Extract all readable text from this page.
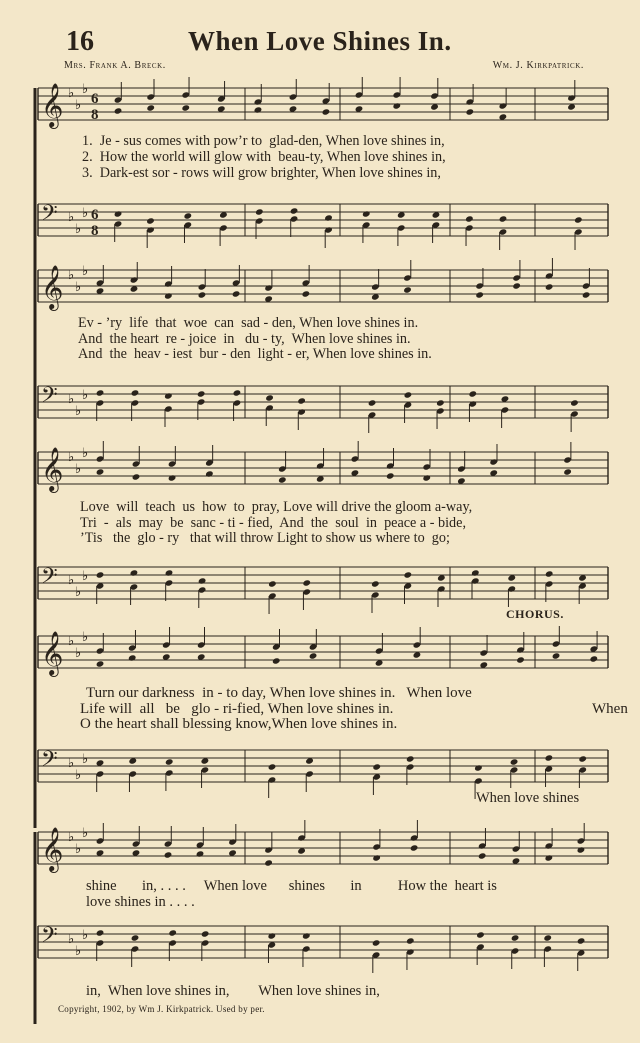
16	When Love Shines In.
Mrs. Frank A. Breck.	Wm. J. Kirkpatrick.
𝄞 ♭
♭
♭
6
8
1.  Je - sus comes with pow’r to  glad-den, When love shines in,
2.  How the world will glow with  beau-ty, When love shines in,
3.  Dark-est sor - rows will grow brighter, When love shines in,
𝄢 ♭
♭
♭ 6
8
𝄞 ♭
♭
♭
Ev - ’ry  life  that  woe  can  sad - den, When love shines in.
And  the heart  re - joice  in   du - ty,  When love shines in.
And  the  heav - iest  bur - den  light - er, When love shines in.
𝄢 ♭
♭
♭
𝄞 ♭
♭
♭
Love  will  teach  us  how  to  pray, Love will drive the gloom a-way,
Tri  -  als  may  be  sanc - ti - fied,  And  the  soul  in  peace a - bide,
’Tis   the  glo - ry   that will throw Light to show us where to  go;
𝄢 ♭
♭
♭
CHORUS.
𝄞 ♭
♭
♭
Turn our darkness  in - to day, When love shines in.   When love
Life will  all   be   glo - ri-fied, When love shines in.	When
O the heart shall blessing know,When love shines in.
𝄢 ♭
♭
♭
When love shines
𝄞 ♭
♭
♭
shine       in, . . . .     When love      shines       in          How the  heart is
love shines in . . . .
𝄢 ♭
♭
♭
in,  When love shines in,        When love shines in,
Copyright, 1902, by Wm J. Kirkpatrick. Used by per.
